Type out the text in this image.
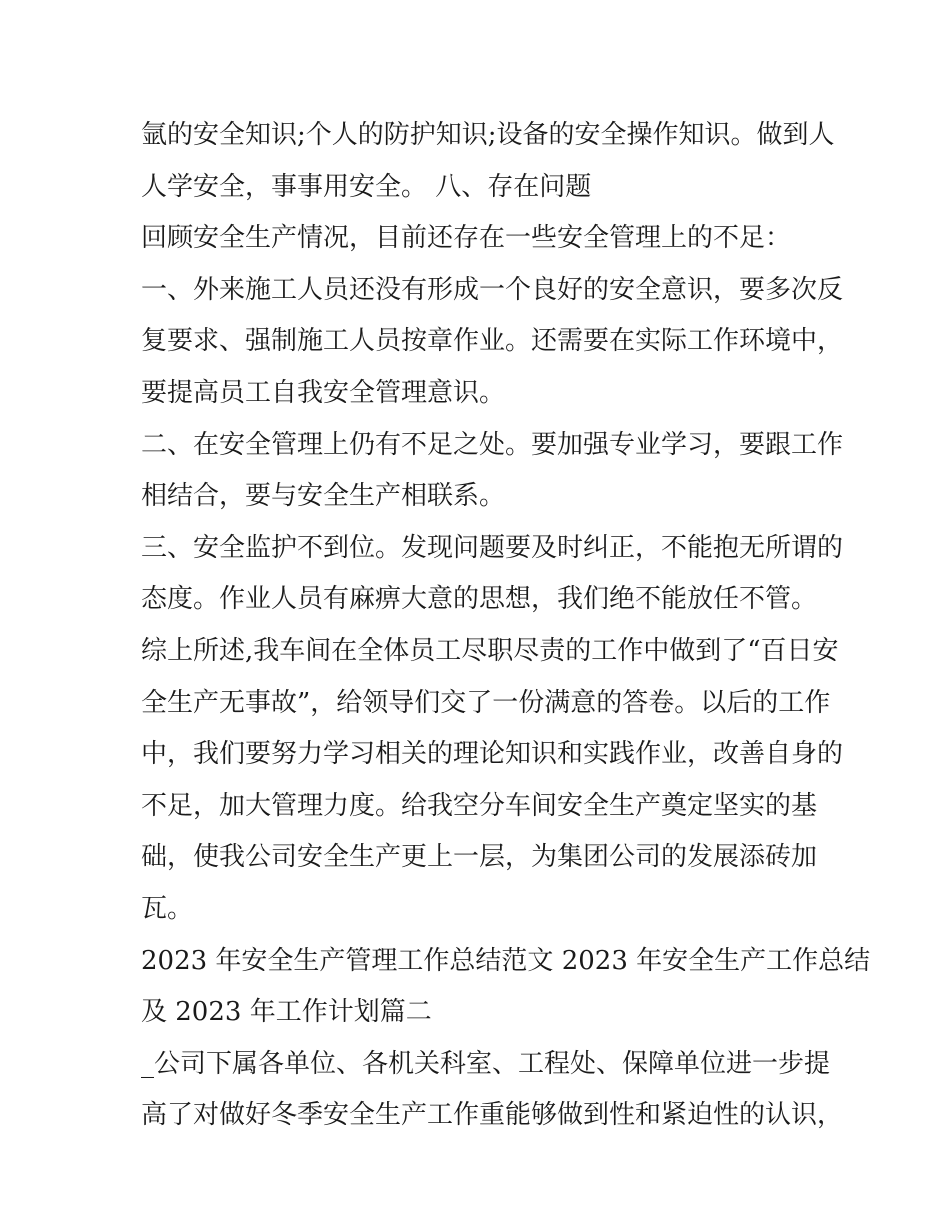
氩的安全知识;个人的防护知识;设备的安全操作知识。做到人
人学安全，事事用安全。 八、存在问题
回顾安全生产情况，目前还存在一些安全管理上的不足：
一、外来施工人员还没有形成一个良好的安全意识，要多次反
复要求、强制施工人员按章作业。还需要在实际工作环境中，
要提高员工自我安全管理意识。
二、在安全管理上仍有不足之处。要加强专业学习，要跟工作
相结合，要与安全生产相联系。
三、安全监护不到位。发现问题要及时纠正，不能抱无所谓的
态度。作业人员有麻痹大意的思想，我们绝不能放任不管。
综上所述,我车间在全体员工尽职尽责的工作中做到了“百日安
全生产无事故”，给领导们交了一份满意的答卷。以后的工作
中，我们要努力学习相关的理论知识和实践作业，改善自身的
不足，加大管理力度。给我空分车间安全生产奠定坚实的基
础，使我公司安全生产更上一层，为集团公司的发展添砖加
瓦。
2023 年安全生产管理工作总结范文 2023 年安全生产工作总结
及 2023 年工作计划篇二
_公司下属各单位、各机关科室、工程处、保障单位进一步提
高了对做好冬季安全生产工作重能够做到性和紧迫性的认识，
